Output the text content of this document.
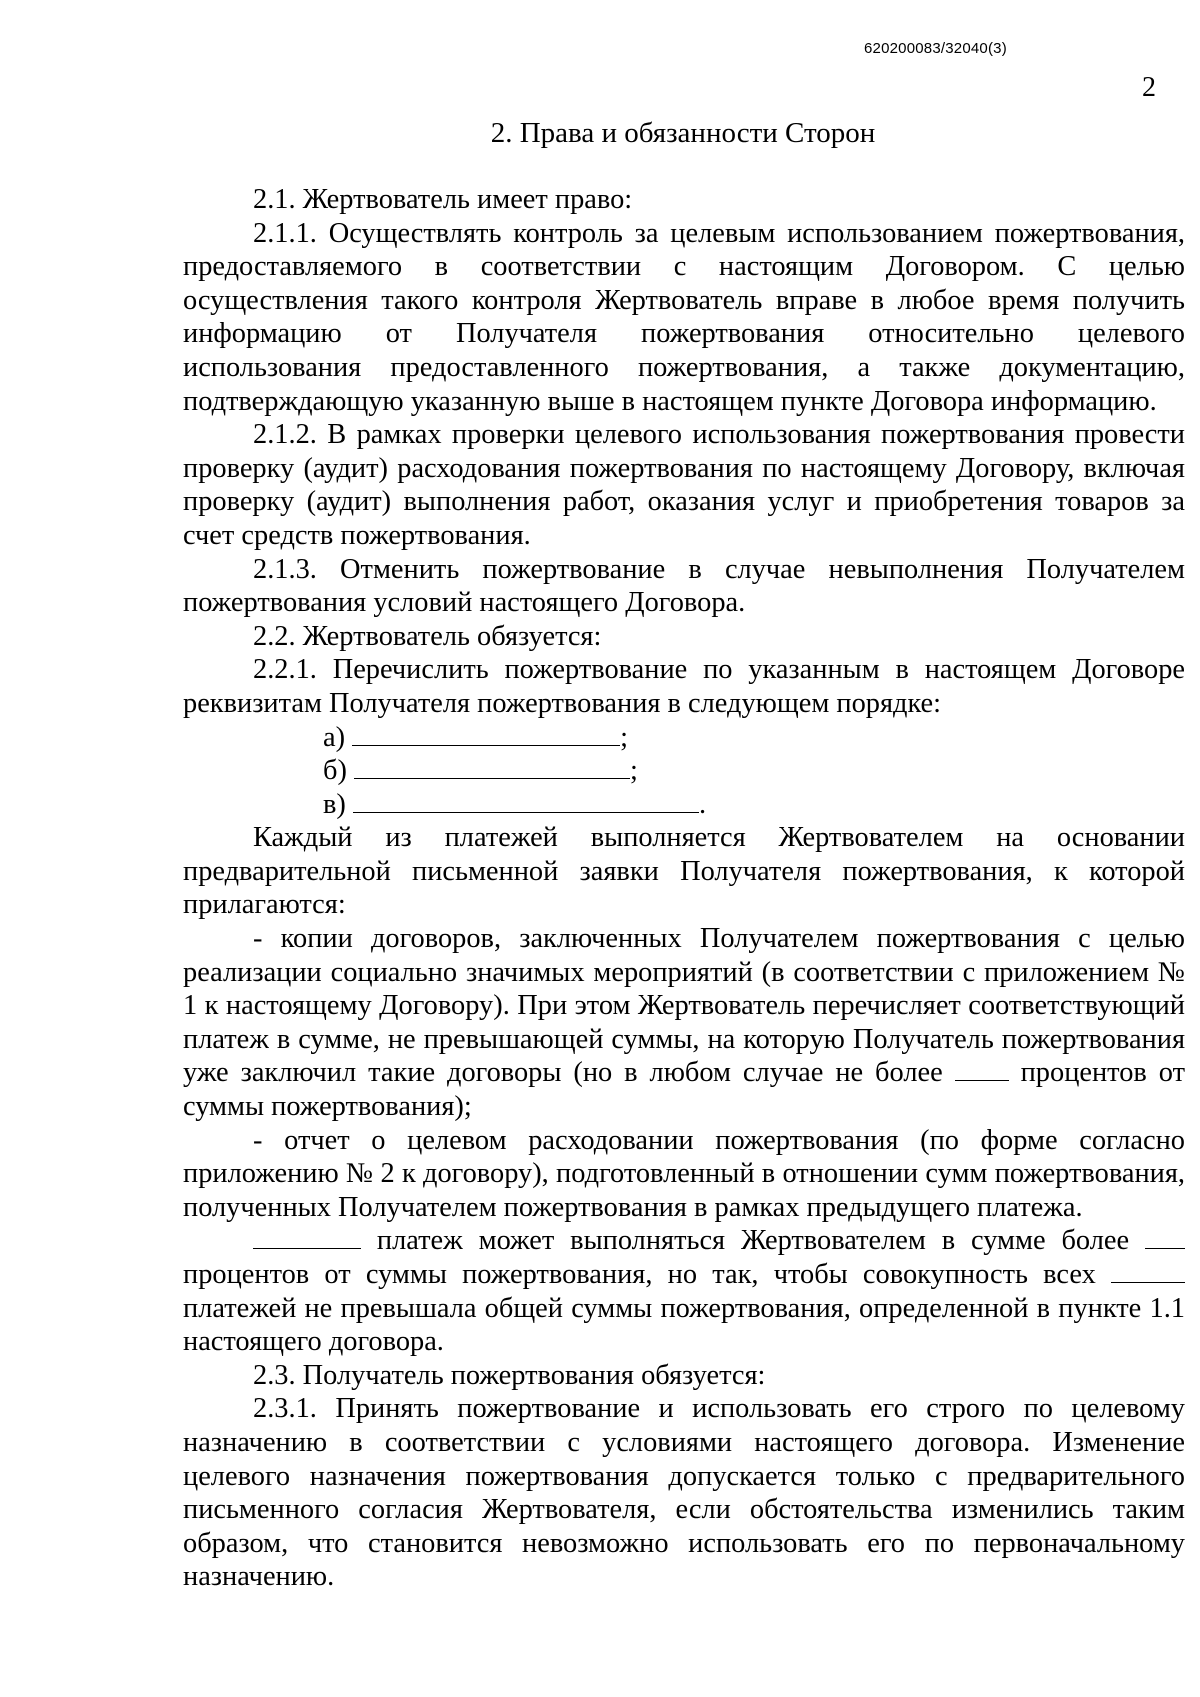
620200083/32040(3)
2
2. Права и обязанности Сторон

2.1. Жертвователь имеет право:

2.1.1. Осуществлять контроль за целевым использованием пожертвования, предоставляемого в соответствии с настоящим Договором. С целью осуществления такого контроля Жертвователь вправе в любое время получить информацию от Получателя пожертвования относительно целевого использования предоставленного пожертвования, а также документацию, подтверждающую указанную выше в настоящем пункте Договора информацию.

2.1.2. В рамках проверки целевого использования пожертвования провести проверку (аудит) расходования пожертвования по настоящему Договору, включая проверку (аудит) выполнения работ, оказания услуг и приобретения товаров за счет средств пожертвования.

2.1.3. Отменить пожертвование в случае невыполнения Получателем пожертвования условий настоящего Договора.

2.2. Жертвователь обязуется:

2.2.1. Перечислить пожертвование по указанным в настоящем Договоре реквизитам Получателя пожертвования в следующем порядке:

а)	;

б)	;

в)	.

Каждый из платежей выполняется Жертвователем на основании предварительной письменной заявки Получателя пожертвования, к которой прилагаются:

- копии договоров, заключенных Получателем пожертвования с целью реализации социально значимых мероприятий (в соответствии с приложением № 1 к настоящему Договору). При этом Жертвователь перечисляет соответствующий платеж в сумме, не превышающей суммы, на которую Получатель пожертвования уже заключил такие договоры (но в любом случае не более	процентов от суммы пожертвования);

- отчет о целевом расходовании пожертвования (по форме согласно приложению № 2 к договору), подготовленный в отношении сумм пожертвования, полученных Получателем пожертвования в рамках предыдущего платежа.

платеж может выполняться Жертвователем в сумме более  процентов от суммы пожертвования, но так, чтобы совокупность всех  платежей не превышала общей суммы пожертвования, определенной в пункте 1.1 настоящего договора.

2.3. Получатель пожертвования обязуется:

2.3.1. Принять пожертвование и использовать его строго по целевому назначению в соответствии с условиями настоящего договора. Изменение целевого назначения пожертвования допускается только с предварительного письменного согласия Жертвователя, если обстоятельства изменились таким образом, что становится невозможно использовать его по первоначальному назначению.
